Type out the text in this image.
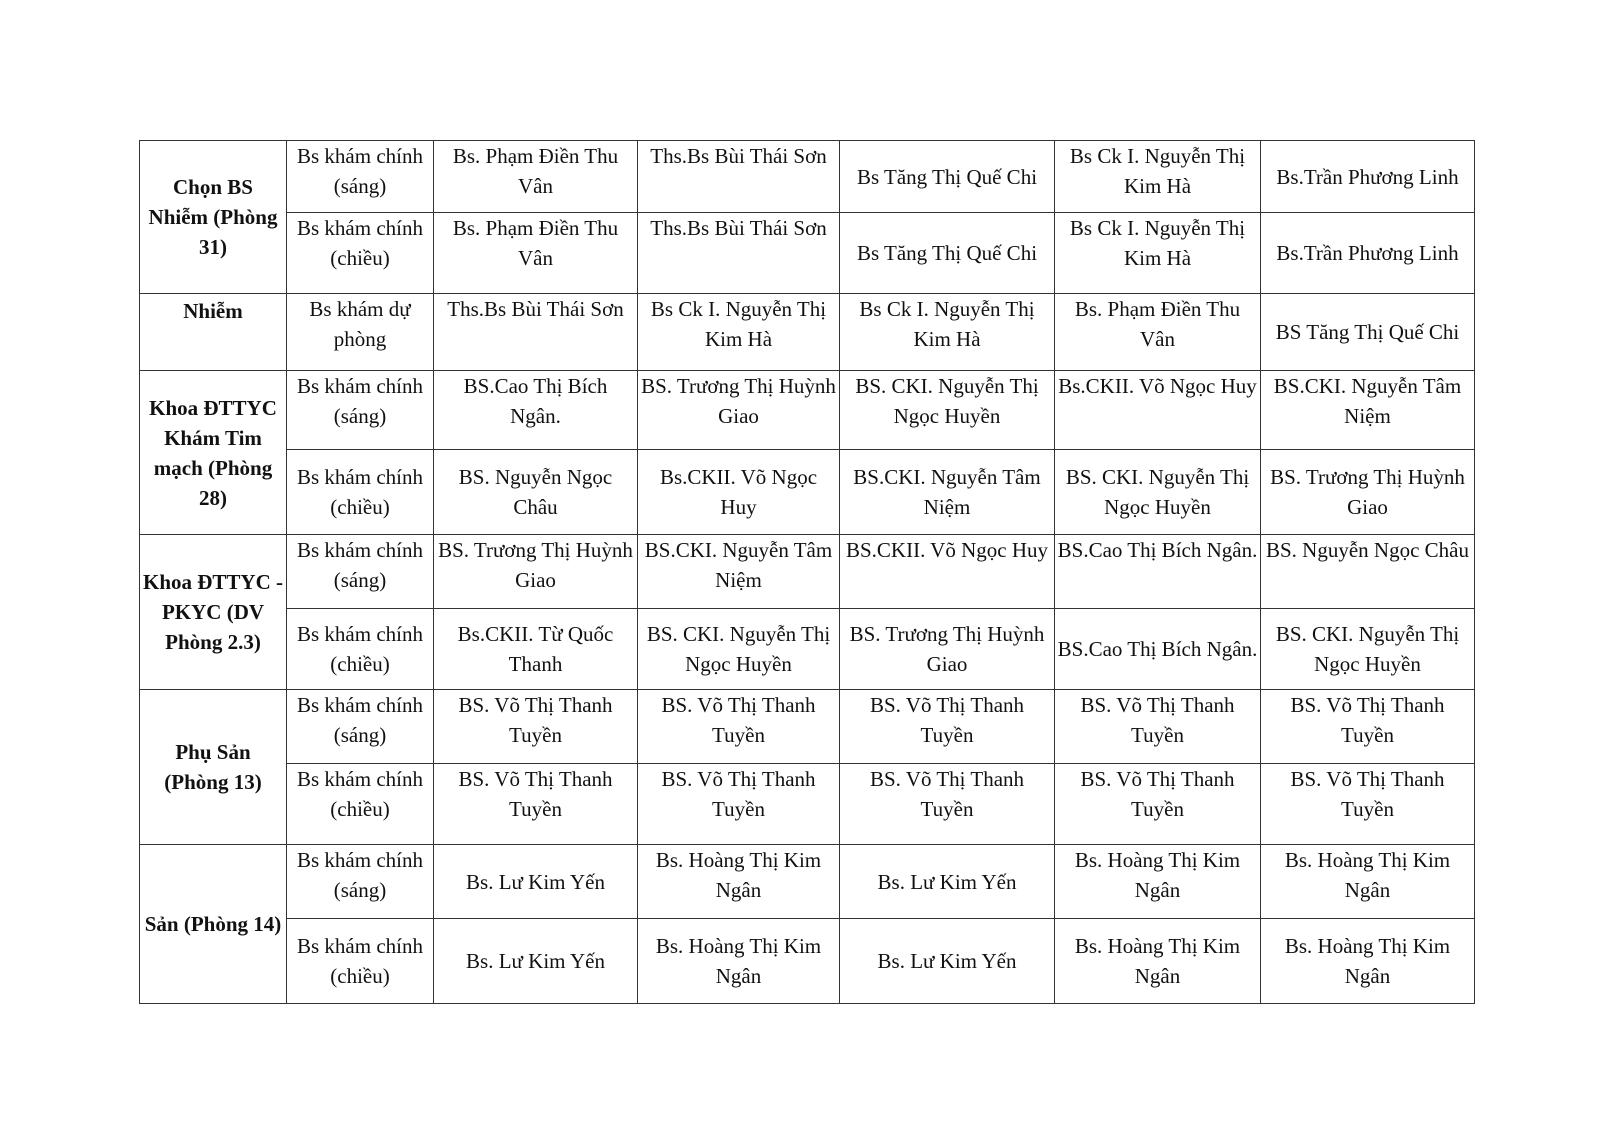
Chọn BS Nhiễm (Phòng 31)	Bs khám chính (sáng)	Bs. Phạm Điền Thu Vân	Ths.Bs Bùi Thái Sơn	Bs Tăng Thị Quế Chi	Bs Ck I. Nguyễn Thị Kim Hà	Bs.Trần Phương Linh
	Bs khám chính (chiều)	Bs. Phạm Điền Thu Vân	Ths.Bs Bùi Thái Sơn	Bs Tăng Thị Quế Chi	Bs Ck I. Nguyễn Thị Kim Hà	Bs.Trần Phương Linh
Nhiễm	Bs khám dự phòng	Ths.Bs Bùi Thái Sơn	Bs Ck I. Nguyễn Thị Kim Hà	Bs Ck I. Nguyễn Thị Kim Hà	Bs. Phạm Điền Thu Vân	BS Tăng Thị Quế Chi
Khoa ĐTTYC Khám Tim mạch (Phòng 28)	Bs khám chính (sáng)	BS.Cao Thị Bích Ngân.	BS. Trương Thị Huỳnh Giao	BS. CKI. Nguyễn Thị Ngọc Huyền	Bs.CKII. Võ Ngọc Huy	BS.CKI. Nguyễn Tâm Niệm
	Bs khám chính (chiều)	BS. Nguyễn Ngọc Châu	Bs.CKII. Võ Ngọc Huy	BS.CKI. Nguyễn Tâm Niệm	BS. CKI. Nguyễn Thị Ngọc Huyền	BS. Trương Thị Huỳnh Giao
Khoa ĐTTYC - PKYC (DV Phòng 2.3)	Bs khám chính (sáng)	BS. Trương Thị Huỳnh Giao	BS.CKI. Nguyễn Tâm Niệm	BS.CKII. Võ Ngọc Huy	BS.Cao Thị Bích Ngân.	BS. Nguyễn Ngọc Châu
	Bs khám chính (chiều)	Bs.CKII. Từ Quốc Thanh	BS. CKI. Nguyễn Thị Ngọc Huyền	BS. Trương Thị Huỳnh Giao	BS.Cao Thị Bích Ngân.	BS. CKI. Nguyễn Thị Ngọc Huyền
Phụ Sản (Phòng 13)	Bs khám chính (sáng)	BS. Võ Thị Thanh Tuyền	BS. Võ Thị Thanh Tuyền	BS. Võ Thị Thanh Tuyền	BS. Võ Thị Thanh Tuyền	BS. Võ Thị Thanh Tuyền
	Bs khám chính (chiều)	BS. Võ Thị Thanh Tuyền	BS. Võ Thị Thanh Tuyền	BS. Võ Thị Thanh Tuyền	BS. Võ Thị Thanh Tuyền	BS. Võ Thị Thanh Tuyền
Sản (Phòng 14)	Bs khám chính (sáng)	Bs. Lư Kim Yến	Bs. Hoàng Thị Kim Ngân	Bs. Lư Kim Yến	Bs. Hoàng Thị Kim Ngân	Bs. Hoàng Thị Kim Ngân
	Bs khám chính (chiều)	Bs. Lư Kim Yến	Bs. Hoàng Thị Kim Ngân	Bs. Lư Kim Yến	Bs. Hoàng Thị Kim Ngân	Bs. Hoàng Thị Kim Ngân
